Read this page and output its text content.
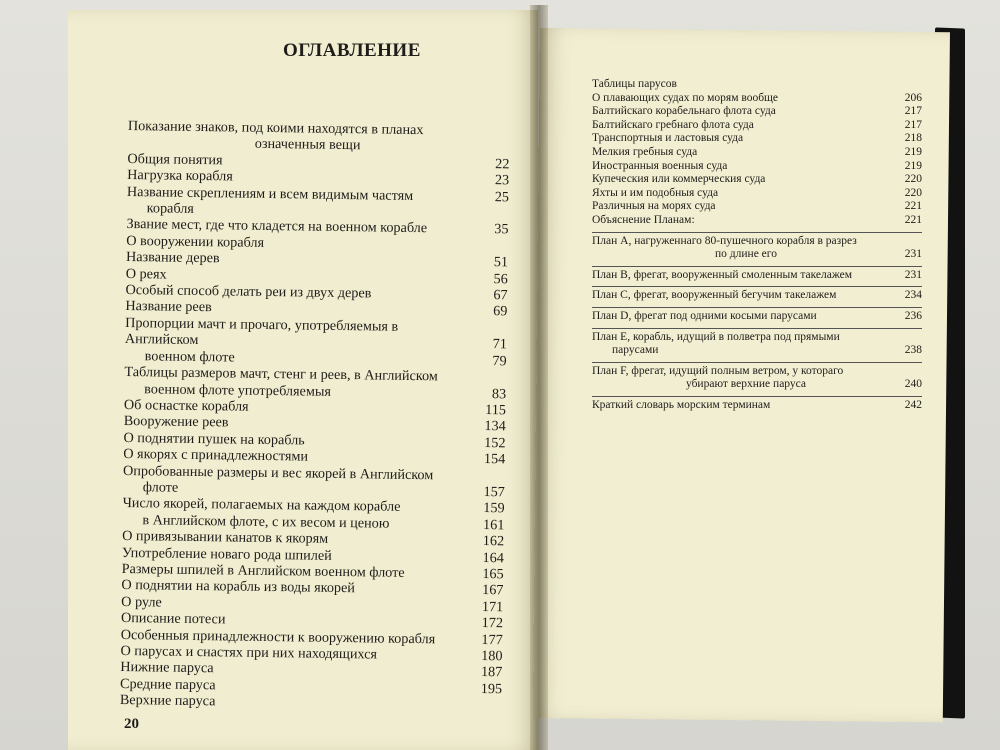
ОГЛАВЛЕНИЕ
Показание знаков, под коими находятся в планах
означенныя вещи
Общия понятия	22
Нагрузка корабля	23
Название скреплениям и всем видимым частям	25
корабля
Звание мест, где что кладется на военном корабле	35
О вооружении корабля
Название дерев	51
О реях	56
Особый способ делать реи из двух дерев	67
Название реев	69
Пропорции мачт и прочаго, употребляемыя в Английском	71
военном флоте	79
Таблицы размеров мачт, стенг и реев, в Английском
военном флоте употребляемыя	83
Об оснастке корабля	115
Вооружение реев	134
О поднятии пушек на корабль	152
О якорях с принадлежностями	154
Опробованные размеры и вес якорей в Английском
флоте	157
Число якорей, полагаемых на каждом корабле	159
в Английском флоте, с их весом и ценою	161
О привязывании канатов к якорям	162
Употребление новаго рода шпилей	164
Размеры шпилей в Английском военном флоте	165
О поднятии на корабль из воды якорей	167
О руле	171
Описание потеси	172
Особенныя принадлежности к вооружению корабля	177
О парусах и снастях при них находящихся	180
Нижние паруса	187
Средние паруса	195
Верхние паруса
Таблицы парусов
О плавающих судах по морям вообще	206
Балтийскаго корабельнаго флота суда	217
Балтийскаго гребнаго флота суда	217
Транспортныя и ластовыя суда	218
Мелкия гребныя суда	219
Иностранныя военныя суда	219
Купеческия или коммерческия суда	220
Яхты и им подобныя суда	220
Различныя на морях суда	221
Объяснение Планам:	221
План А, нагруженнаго 80-пушечного корабля в разрез
по длине его	231
План В, фрегат, вооруженный смоленным такелажем	231
План С, фрегат, вооруженный бегучим такелажем	234
План D, фрегат под одними косыми парусами	236
План Е, корабль, идущий в полветра под прямыми
парусами	238
План F, фрегат, идущий полным ветром, у котораго
убирают верхние паруса	240
Краткий словарь морским терминам	242
20
